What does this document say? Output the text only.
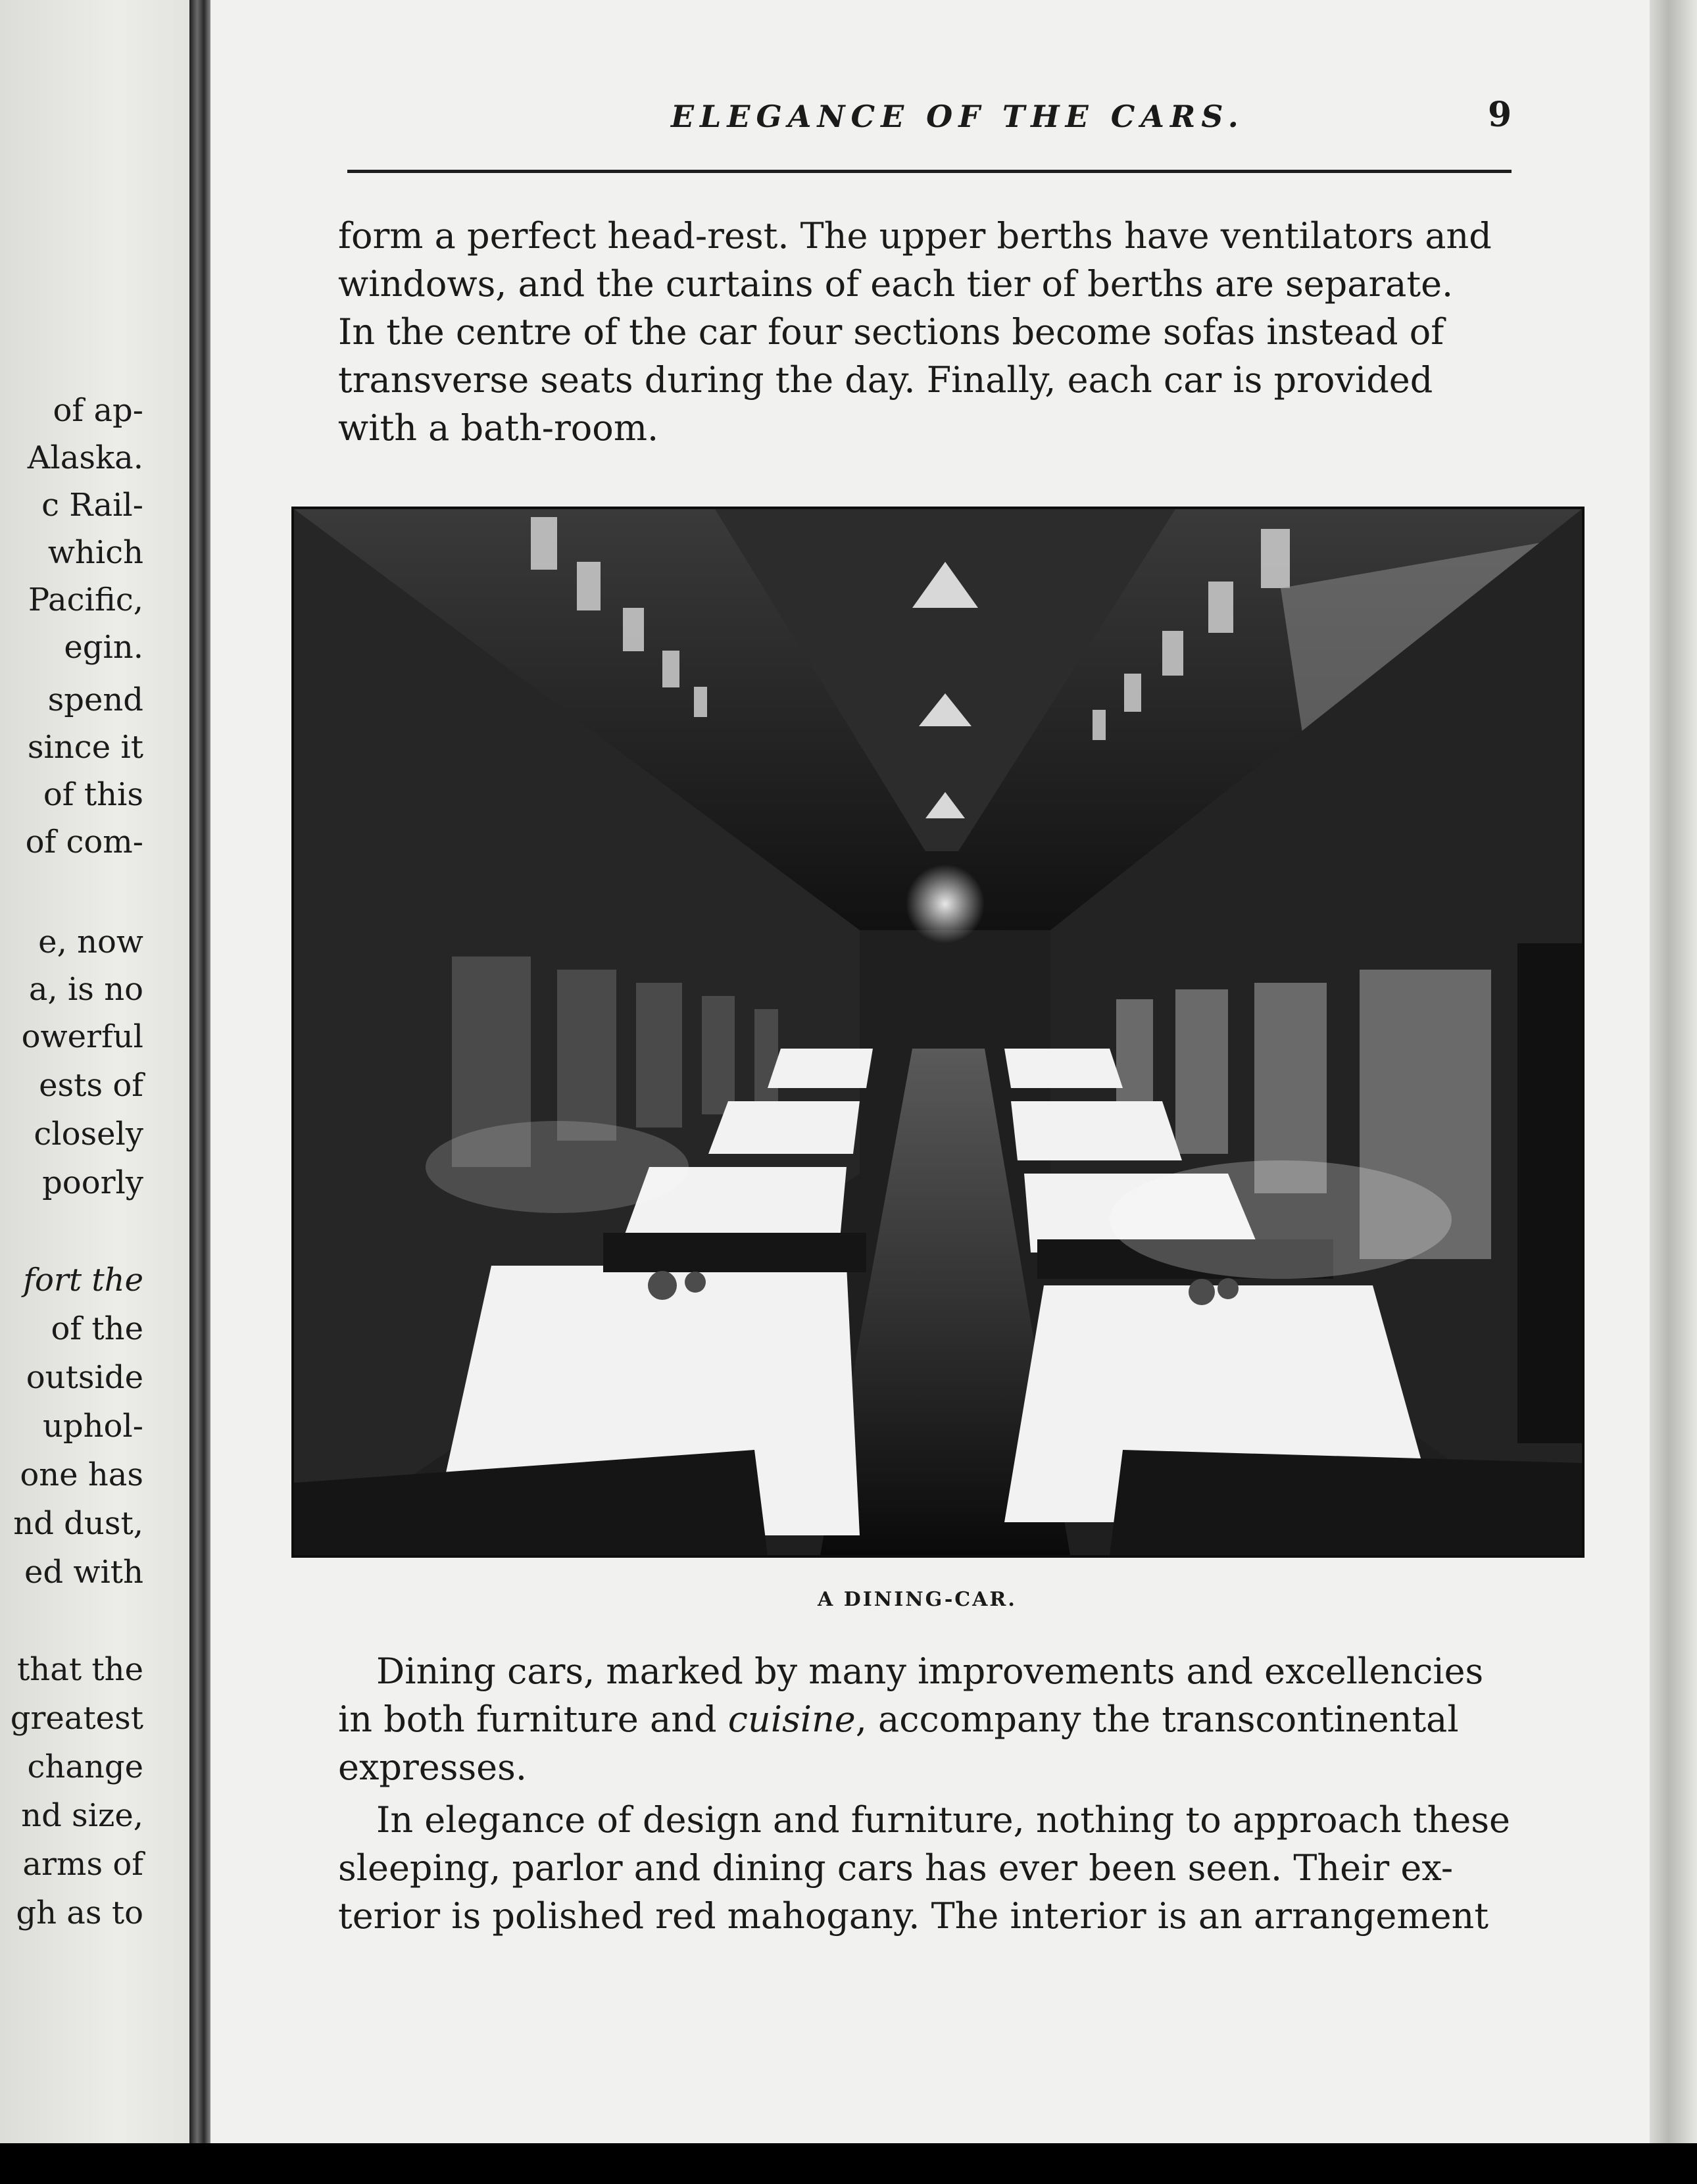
of ap-
Alaska.
c Rail-
which
Pacific,
egin.
spend
since it
of this
of com-
e, now
a, is no
owerful
ests of
closely
poorly
fort the
of the
outside
uphol-
one has
nd dust,
ed with
that the
greatest
change
nd size,
arms of
gh as to
ELEGANCE OF THE CARS.	9
form a perfect head-rest. The upper berths have ventilators and
windows, and the curtains of each tier of berths are separate.
In the centre of the car four sections become sofas instead of
transverse seats during the day. Finally, each car is provided
with a bath-room.
A DINING-CAR.
Dining cars, marked by many improvements and excellencies
in both furniture and cuisine, accompany the transcontinental
expresses.
In elegance of design and furniture, nothing to approach these
sleeping, parlor and dining cars has ever been seen. Their ex-
terior is polished red mahogany. The interior is an arrangement
